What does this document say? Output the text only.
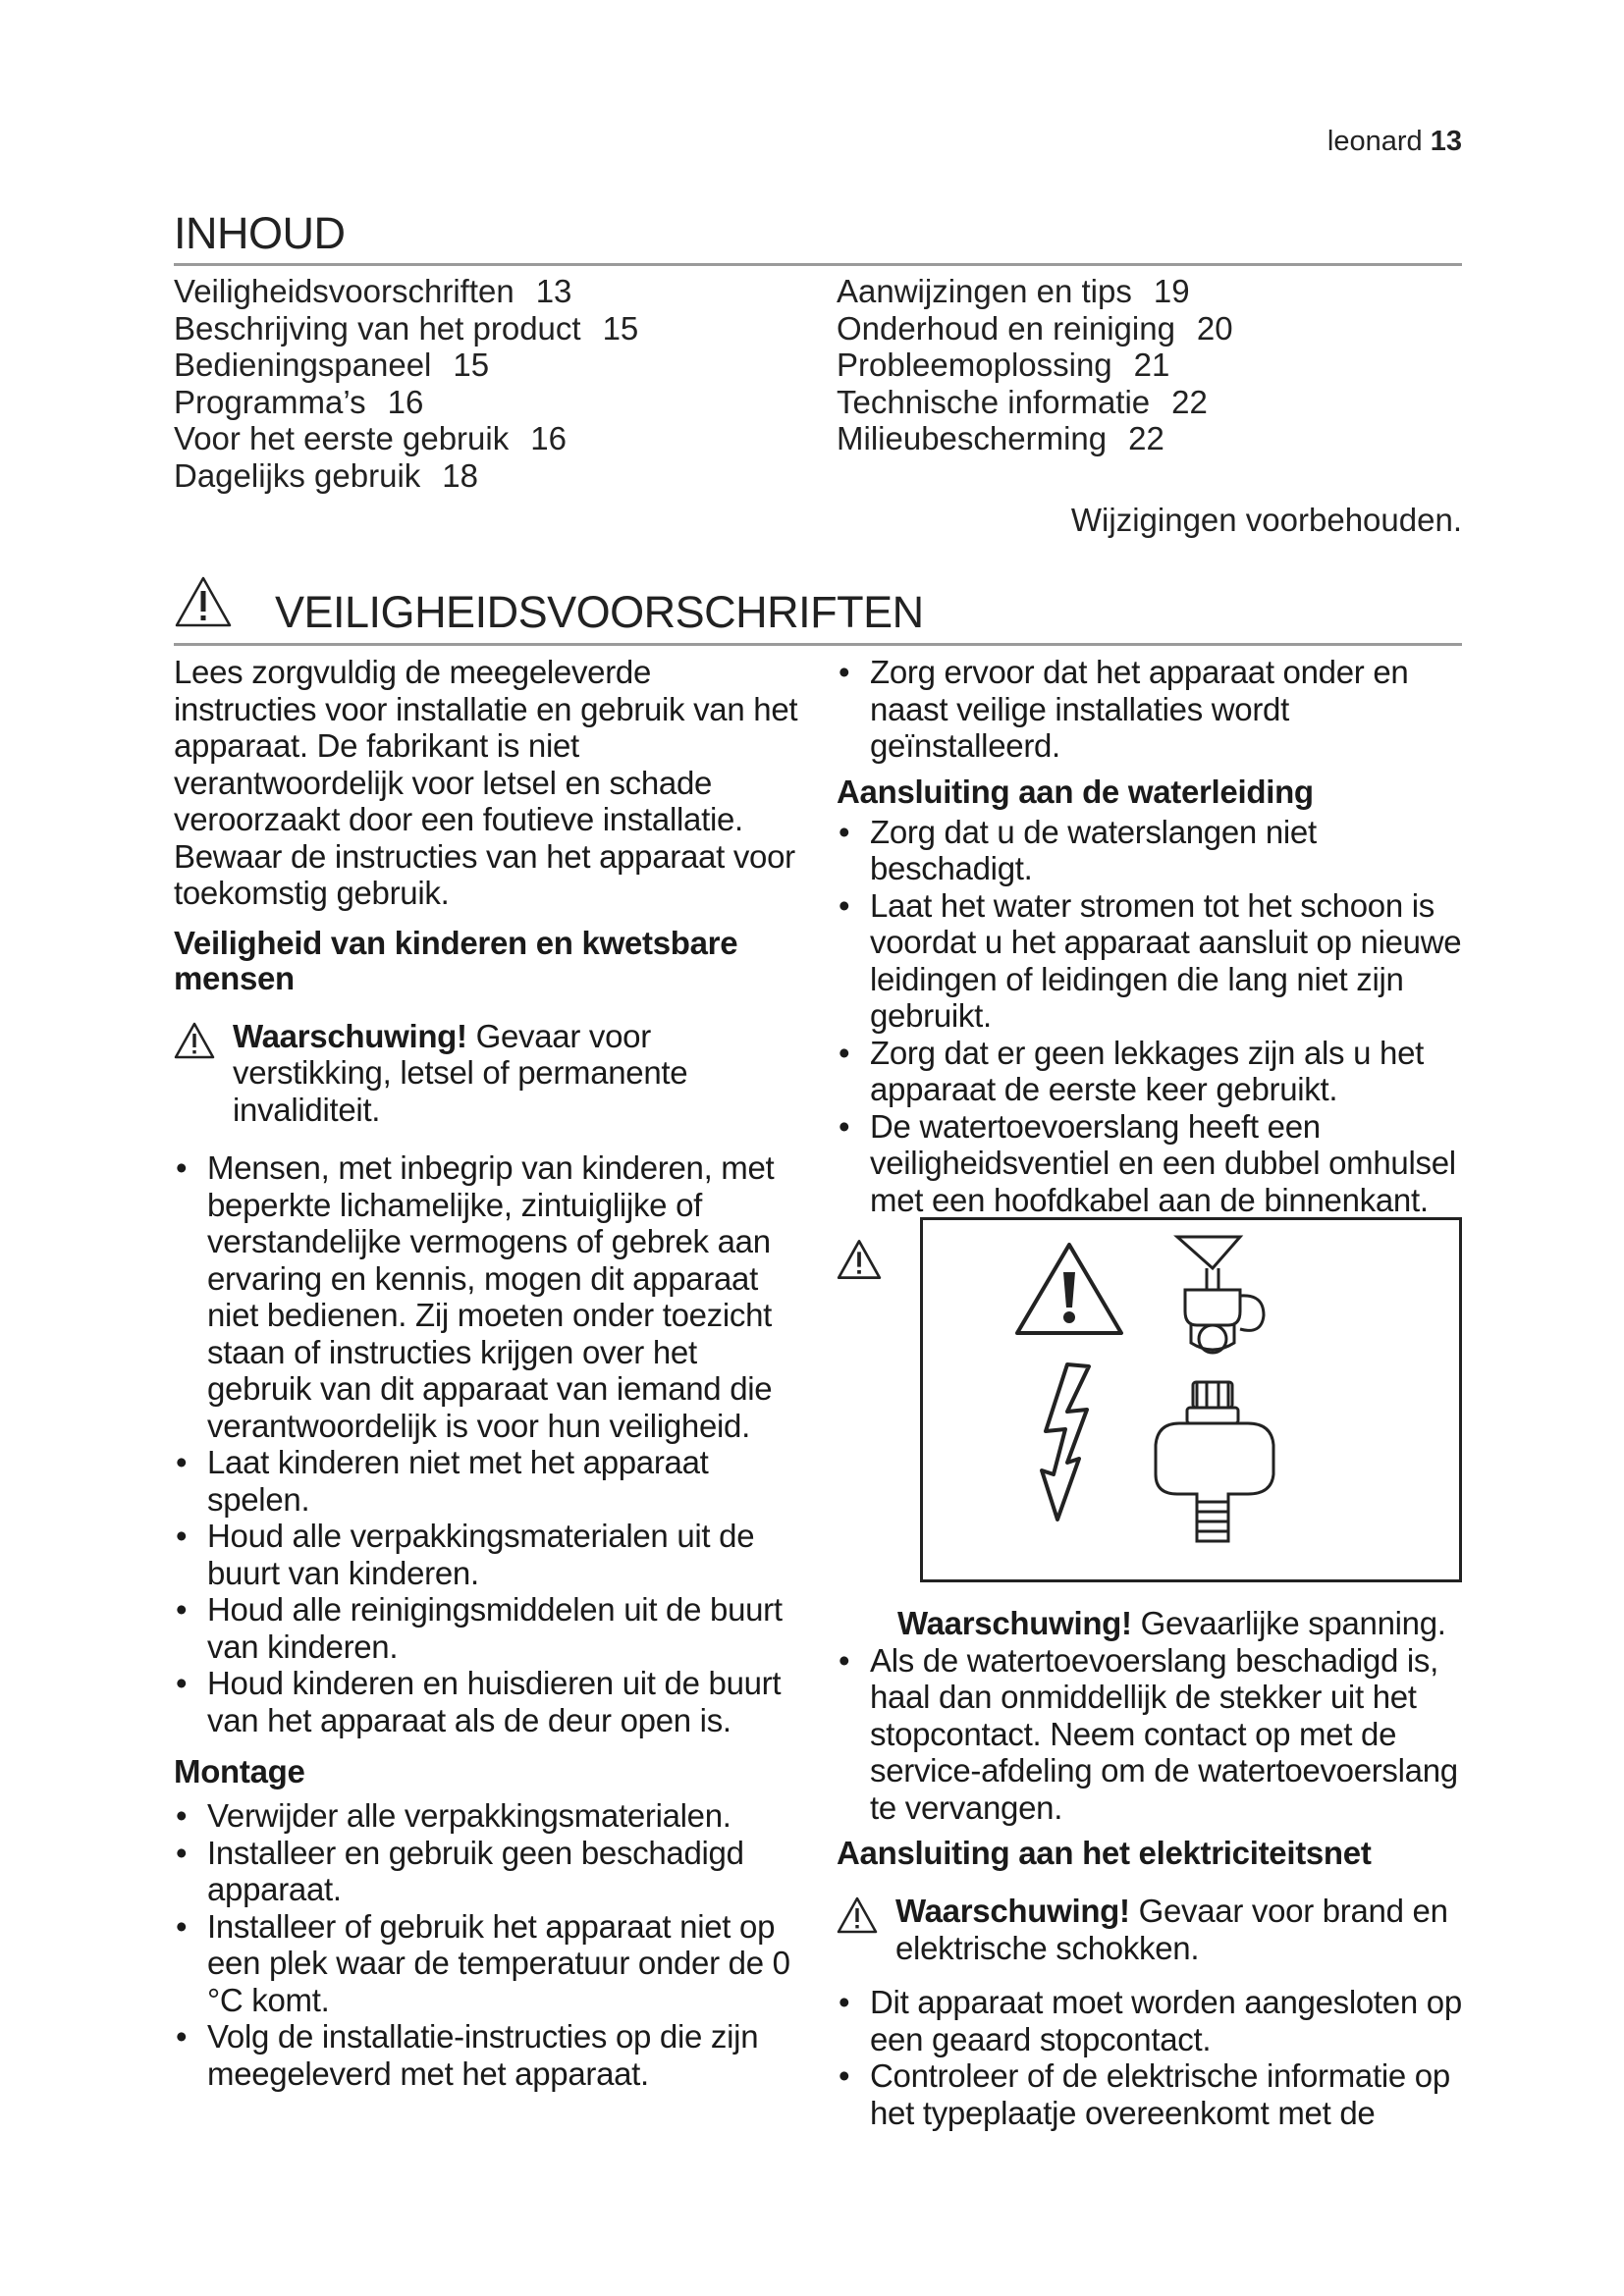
leonard 13
INHOUD
Veiligheidsvoorschriften 13
Beschrijving van het product 15
Bedieningspaneel 15
Programma’s 16
Voor het eerste gebruik 16
Dagelijks gebruik 18
Aanwijzingen en tips 19
Onderhoud en reiniging 20
Probleemoplossing 21
Technische informatie 22
Milieubescherming 22
Wijzigingen voorbehouden.
VEILIGHEIDSVOORSCHRIFTEN

Lees zorgvuldig de meegeleverde instructies voor installatie en gebruik van het apparaat. De fabrikant is niet verantwoordelijk voor letsel en schade veroorzaakt door een foutieve installatie. Bewaar de instructies van het apparaat voor toekomstig gebruik.

Veiligheid van kinderen en kwetsbare mensen

Waarschuwing! Gevaar voor verstikking, letsel of permanente invaliditeit.

• Mensen, met inbegrip van kinderen, met beperkte lichamelijke, zintuiglijke of verstandelijke vermogens of gebrek aan ervaring en kennis, mogen dit apparaat niet bedienen. Zij moeten onder toezicht staan of instructies krijgen over het gebruik van dit apparaat van iemand die verantwoordelijk is voor hun veiligheid.

• Laat kinderen niet met het apparaat spelen.

• Houd alle verpakkingsmaterialen uit de buurt van kinderen.

• Houd alle reinigingsmiddelen uit de buurt van kinderen.

• Houd kinderen en huisdieren uit de buurt van het apparaat als de deur open is.

Montage

• Verwijder alle verpakkingsmaterialen.

• Installeer en gebruik geen beschadigd apparaat.

• Installeer of gebruik het apparaat niet op een plek waar de temperatuur onder de 0 °C komt.

• Volg de installatie-instructies op die zijn meegeleverd met het apparaat.

• Zorg ervoor dat het apparaat onder en naast veilige installaties wordt geïnstalleerd.

Aansluiting aan de waterleiding

• Zorg dat u de waterslangen niet beschadigt.

• Laat het water stromen tot het schoon is voordat u het apparaat aansluit op nieuwe leidingen of leidingen die lang niet zijn gebruikt.

• Zorg dat er geen lekkages zijn als u het apparaat de eerste keer gebruikt.

• De watertoevoerslang heeft een veiligheidsventiel en een dubbel omhulsel met een hoofdkabel aan de binnenkant.

Waarschuwing! Gevaarlijke spanning.

• Als de watertoevoerslang beschadigd is, haal dan onmiddellijk de stekker uit het stopcontact. Neem contact op met de service-afdeling om de watertoevoerslang te vervangen.

Aansluiting aan het elektriciteitsnet

Waarschuwing! Gevaar voor brand en elektrische schokken.

• Dit apparaat moet worden aangesloten op een geaard stopcontact.

• Controleer of de elektrische informatie op het typeplaatje overeenkomt met de
